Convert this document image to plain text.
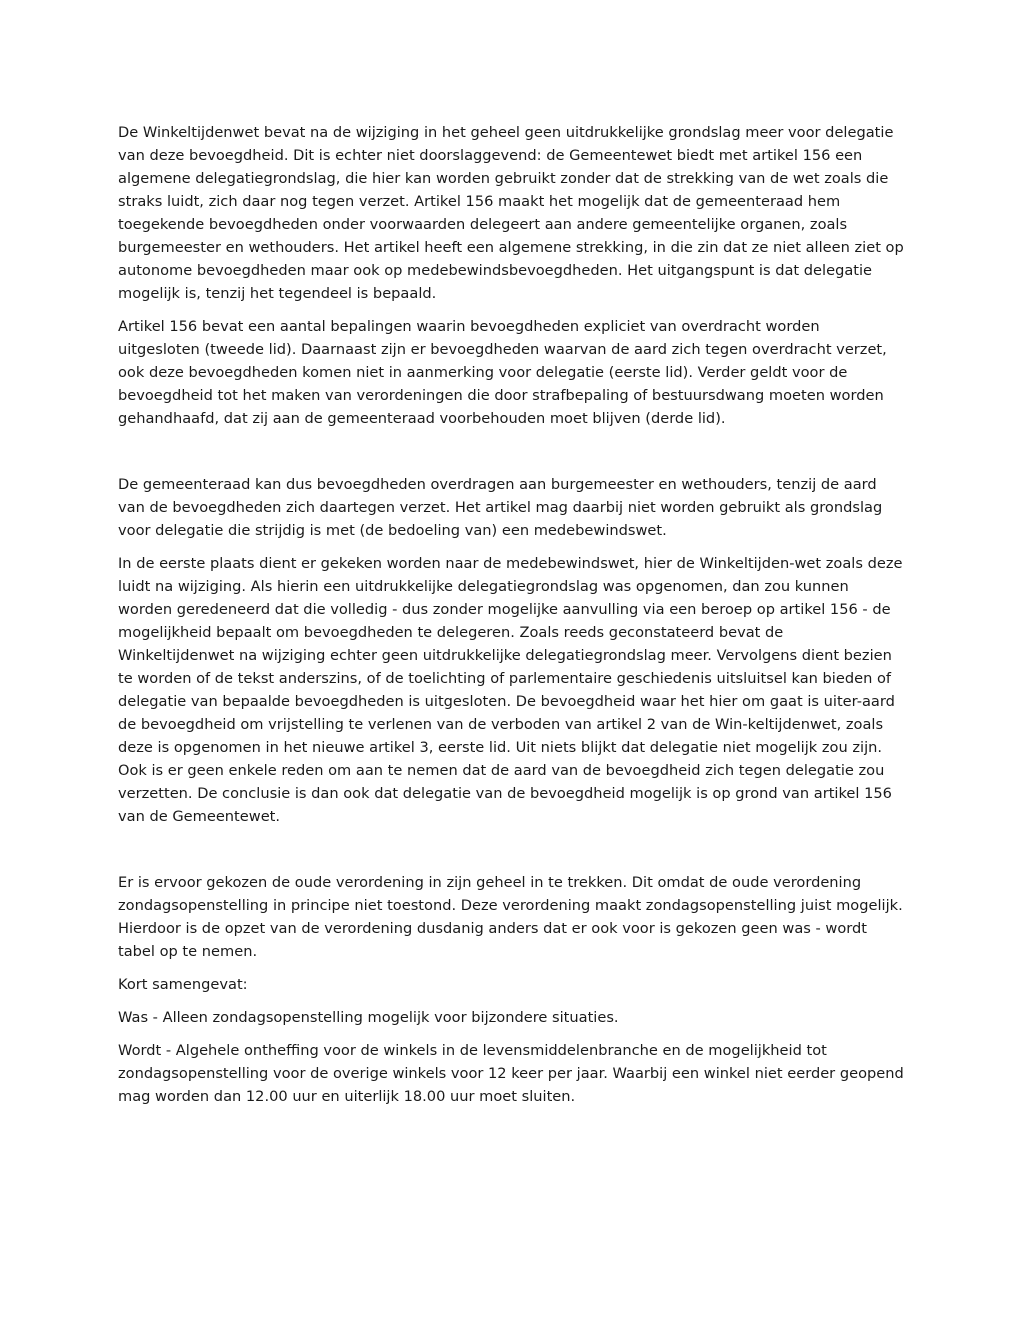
De Winkeltijdenwet bevat na de wijziging in het geheel geen uitdrukkelijke grondslag meer voor delegatie van deze bevoegdheid. Dit is echter niet doorslaggevend: de Gemeentewet biedt met artikel 156 een algemene delegatiegrondslag, die hier kan worden gebruikt zonder dat de strekking van de wet zoals die straks luidt, zich daar nog tegen verzet. Artikel 156 maakt het mogelijk dat de gemeenteraad hem toegekende bevoegdheden onder voorwaarden delegeert aan andere gemeentelijke organen, zoals burgemeester en wethouders. Het artikel heeft een algemene strekking, in die zin dat ze niet alleen ziet op autonome bevoegdheden maar ook op medebewindsbevoegdheden. Het uitgangspunt is dat delegatie mogelijk is, tenzij het tegendeel is bepaald.

Artikel 156 bevat een aantal bepalingen waarin bevoegdheden expliciet van overdracht worden uitgesloten (tweede lid). Daarnaast zijn er bevoegdheden waarvan de aard zich tegen overdracht verzet, ook deze bevoegdheden komen niet in aanmerking voor delegatie (eerste lid). Verder geldt voor de bevoegdheid tot het maken van verordeningen die door strafbepaling of bestuursdwang moeten worden gehandhaafd, dat zij aan de gemeenteraad voorbehouden moet blijven (derde lid).

De gemeenteraad kan dus bevoegdheden overdragen aan burgemeester en wethouders, tenzij de aard van de bevoegdheden zich daartegen verzet. Het artikel mag daarbij niet worden gebruikt als grondslag voor delegatie die strijdig is met (de bedoeling van) een medebewindswet.

In de eerste plaats dient er gekeken worden naar de medebewindswet, hier de Winkeltijden-wet zoals deze luidt na wijziging. Als hierin een uitdrukkelijke delegatiegrondslag was opgenomen, dan zou kunnen worden geredeneerd dat die volledig - dus zonder mogelijke aanvulling via een beroep op artikel 156 - de mogelijkheid bepaalt om bevoegdheden te delegeren. Zoals reeds geconstateerd bevat de Winkeltijdenwet na wijziging echter geen uitdrukkelijke delegatiegrondslag meer. Vervolgens dient bezien te worden of de tekst anderszins, of de toelichting of parlementaire geschiedenis uitsluitsel kan bieden of delegatie van bepaalde bevoegdheden is uitgesloten. De bevoegdheid waar het hier om gaat is uiter-aard de bevoegdheid om vrijstelling te verlenen van de verboden van artikel 2 van de Win-keltijdenwet, zoals deze is opgenomen in het nieuwe artikel 3, eerste lid. Uit niets blijkt dat delegatie niet mogelijk zou zijn. Ook is er geen enkele reden om aan te nemen dat de aard van de bevoegdheid zich tegen delegatie zou verzetten. De conclusie is dan ook dat delegatie van de bevoegdheid mogelijk is op grond van artikel 156 van de Gemeentewet.

Er is ervoor gekozen de oude verordening in zijn geheel in te trekken. Dit omdat de oude verordening zondagsopenstelling in principe niet toestond. Deze verordening maakt zondagsopenstelling juist mogelijk. Hierdoor is de opzet van de verordening dusdanig anders dat er ook voor is gekozen geen was - wordt tabel op te nemen.

Kort samengevat:

Was - Alleen zondagsopenstelling mogelijk voor bijzondere situaties.

Wordt - Algehele ontheffing voor de winkels in de levensmiddelenbranche en de mogelijkheid tot zondagsopenstelling voor de overige winkels voor 12 keer per jaar. Waarbij een winkel niet eerder geopend mag worden dan 12.00 uur en uiterlijk 18.00 uur moet sluiten.
